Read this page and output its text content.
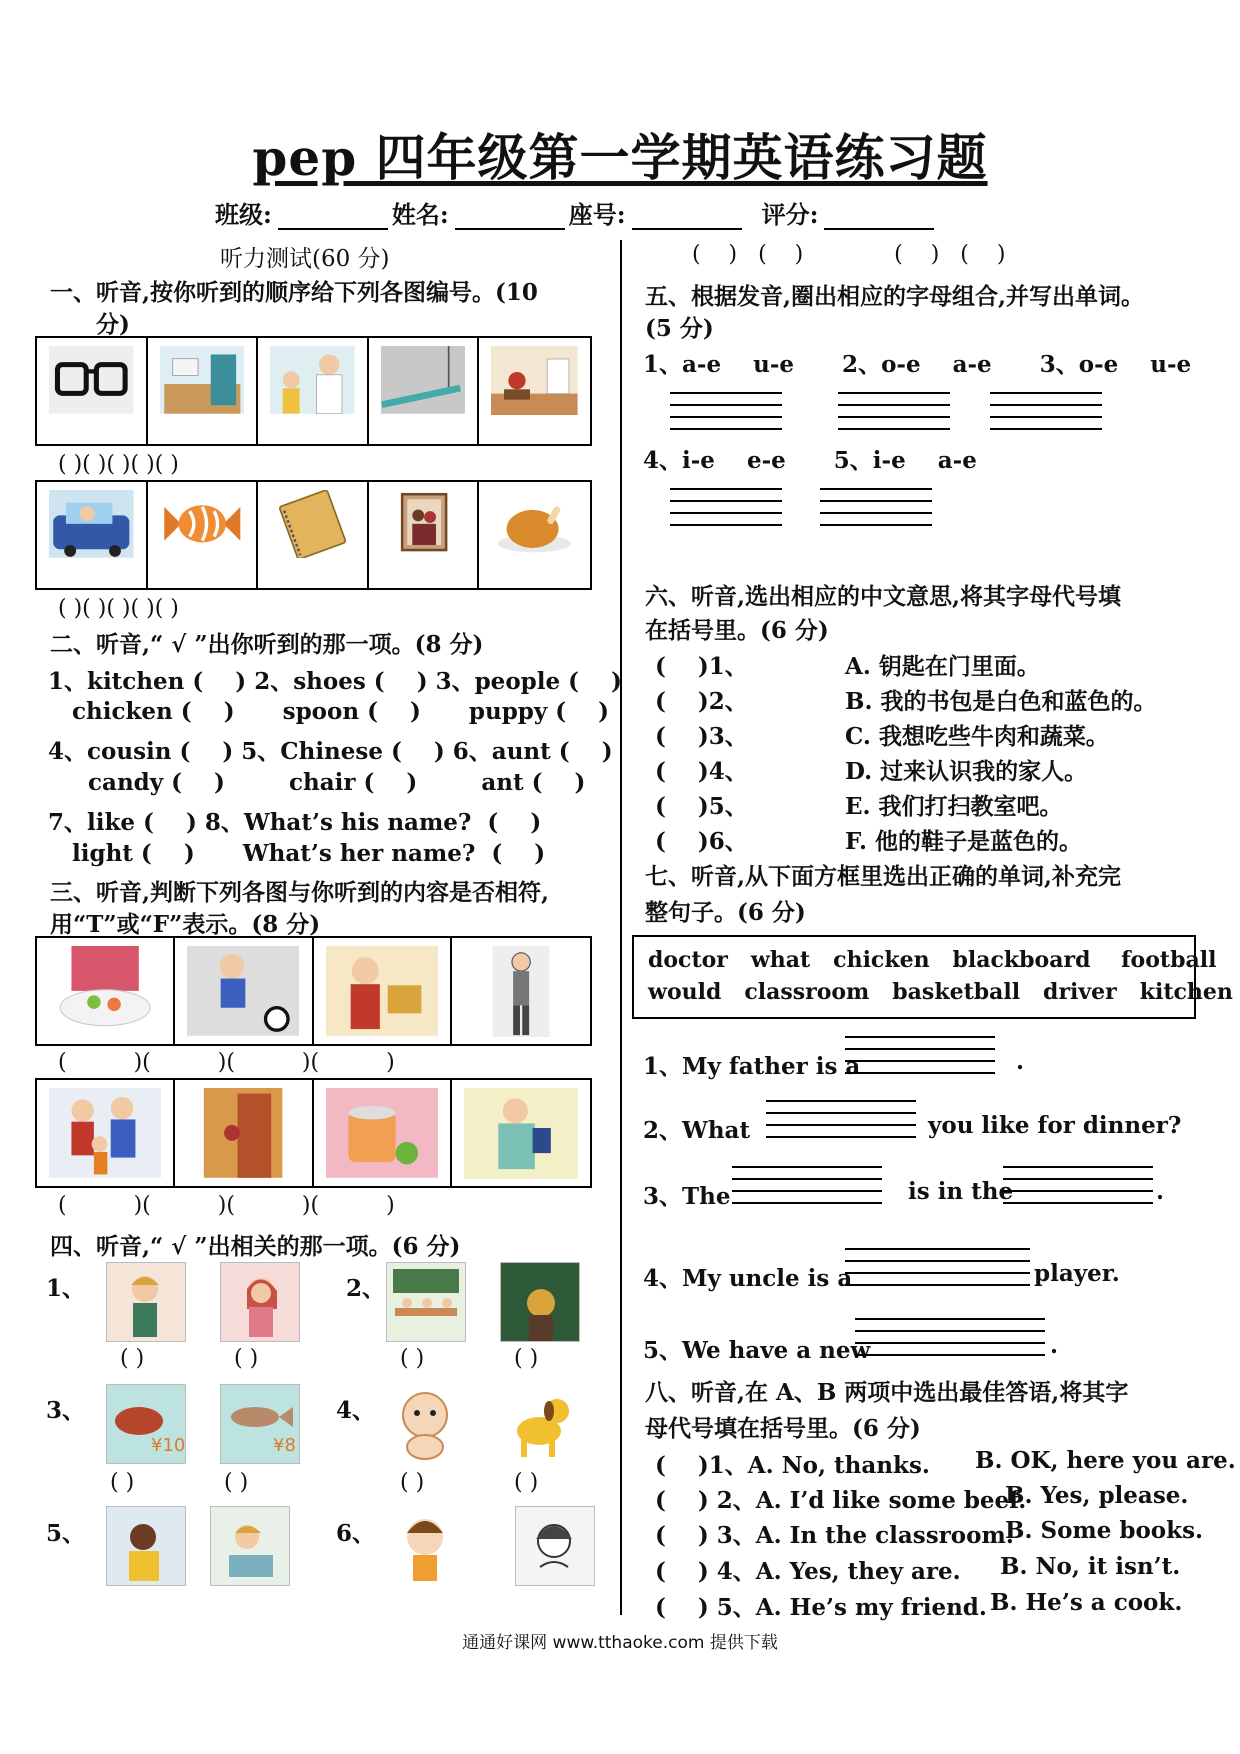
pep 四年级第一学期英语练习题
班级:	姓名:	座号:	评分:
听力测试(60 分)
一、听音,按你听到的顺序给下列各图编号。(10
分)
( )( )( )( )( )
( )( )( )( )( )
二、听音,“ √ ”出你听到的那一项。(8 分)
1、kitchen (    ) 2、shoes (    ) 3、people (    )
chicken (    )      spoon (    )      puppy (    )
4、cousin (    ) 5、Chinese (    ) 6、aunt (    )
candy (    )        chair (    )        ant (    )
7、like (    ) 8、What’s his name?  (    )
light (    )      What’s her name?  (    )
三、听音,判断下列各图与你听到的内容是否相符,
用“T”或“F”表示。(8 分)
( )( )( )( )
( )( )( )( )
四、听音,“ √ ”出相关的那一项。(6 分)
1、	2、
3、	4、
5、	6、
¥10	¥8
( )	( )	( )	( )
( )	( )	( )	( )
(    )   (    )             (    )   (    )
五、根据发音,圈出相应的字母组合,并写出单词。
(5 分)
1、a-e    u-e      2、o-e    a-e      3、o-e    u-e
4、i-e    e-e      5、i-e    a-e
六、听音,选出相应的中文意思,将其字母代号填
在括号里。(6 分)
(    )1、	A. 钥匙在门里面。
(    )2、	B. 我的书包是白色和蓝色的。
(    )3、	C. 我想吃些牛肉和蔬菜。
(    )4、	D. 过来认识我的家人。
(    )5、	E. 我们打扫教室吧。
(    )6、	F. 他的鞋子是蓝色的。
七、听音,从下面方框里选出正确的单词,补充完
整句子。(6 分)
doctor   what   chicken   blackboard    football
would   classroom   basketball   driver   kitchen
1、My father is a	.
2、What	you like for dinner?
3、The	is in the	.
4、My uncle is a	player.
5、We have a new	.
八、听音,在 A、B 两项中选出最佳答语,将其字
母代号填在括号里。(6 分)
(    )1、A. No, thanks. B. OK, here you are.
(    ) 2、A. I’d like some beef.
B. Yes, please.
(    ) 3、A. In the classroom.
B. Some books.
(    ) 4、A. Yes, they are. B. No, it isn’t.
(    ) 5、A. He’s my friend. B. He’s a cook.
通通好课网 www.tthaoke.com 提供下载
